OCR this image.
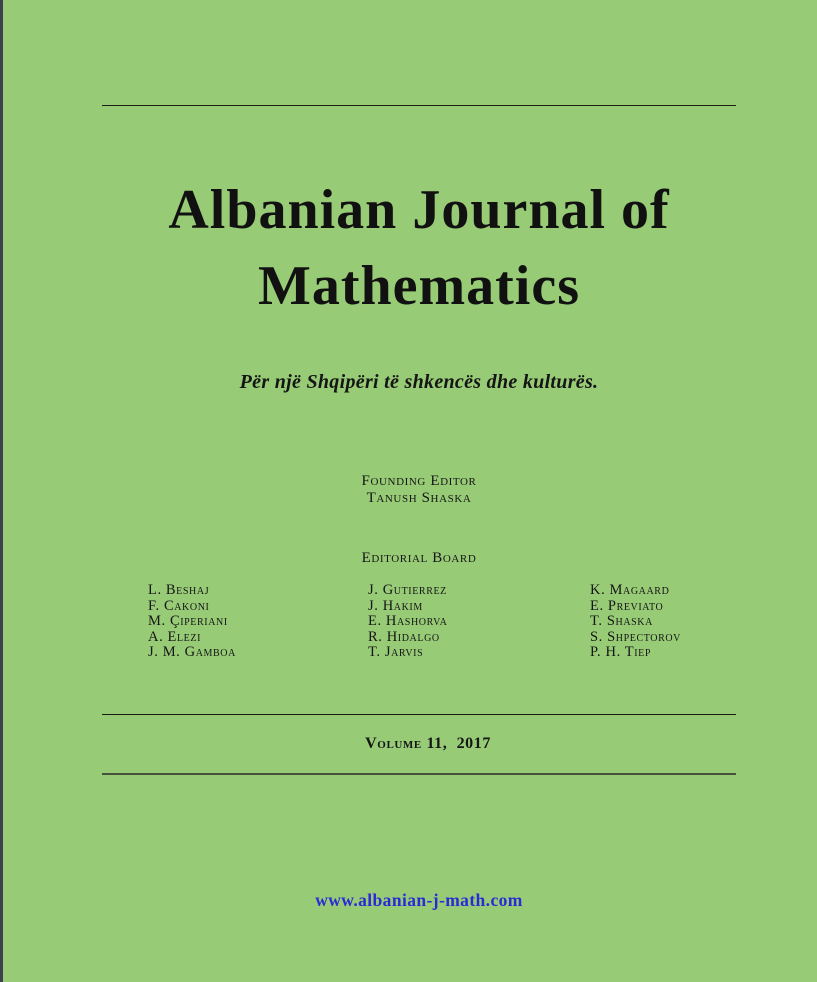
Albanian Journal of
Mathematics
Për një Shqipëri të shkencës dhe kulturës.
Founding Editor
Tanush Shaska
Editorial Board
L. Beshaj
F. Cakoni
M. Çiperiani
A. Elezi
J. M. Gamboa
J. Gutierrez
J. Hakim
E. Hashorva
R. Hidalgo
T. Jarvis
K. Magaard
E. Previato
T. Shaska
S. Shpectorov
P. H. Tiep

Volume 11,  2017

www.albanian-j-math.com
